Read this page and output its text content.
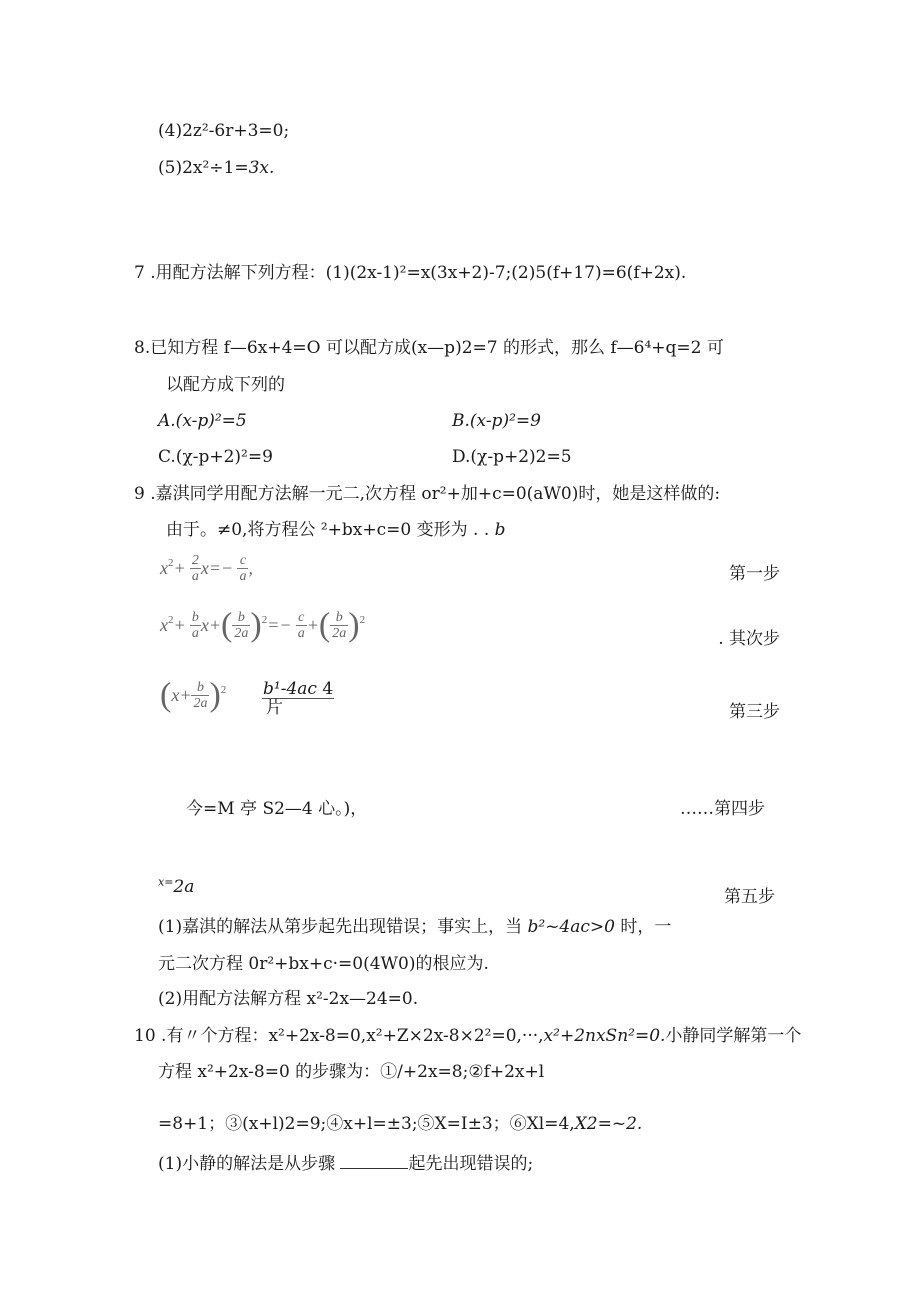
(4)2z²-6r+3=0;
(5)2x²÷1=3x.
7 .用配方法解下列方程：(1)(2x-1)²=x(3x+2)-7;(2)5(f+17)=6(f+2x).
8.已知方程 f—6x+4=O 可以配方成(x—p)2=7 的形式，那么 f—6⁴+q=2 可
以配方成下列的
A.(x-p)²=5	B.(x-p)²=9
C.(χ-p+2)²=9	D.(χ-p+2)2=5
9 .嘉淇同学用配方法解一元二,次方程 or²+加+c=0(aW0)时，她是这样做的:
由于。≠0,将方程公 ²+bx+c=0 变形为 . . b
$x^2+ \frac{2}{a} x=- \frac{c}{a}$ ,	第一步
$x^2+ \frac{b}{a} x+( \frac{b}{2a} )^2=- \frac{c}{a}$ +( $\frac{b}{2a} )^2$
. 其次步
$(x+ \frac{b}{2a} )^2$ b¹-4ac 4
片	第三步
今=M 亭 S2—4 心。)，	……第四步
$^{x=}$2a	第五步
(1)嘉淇的解法从第步起先出现错误；事实上，当 b²~4ac>0 时，一
元二次方程 0r²+bx+c·=0(4W0)的根应为.
(2)用配方法解方程 x²-2x—24=0.
10 .有〃个方程：x²+2x-8=0,x²+Z×2x-8×2²=0,···,x²+2nxSn²=0.小静同学解第一个
方程 x²+2x-8=0 的步骤为：①/+2x=8;②f+2x+l
=8+1；③(x+l)2=9;④x+l=±3;⑤X=I±3；⑥Xl=4,X2=~2.
(1)小静的解法是从步骤	起先出现错误的;
